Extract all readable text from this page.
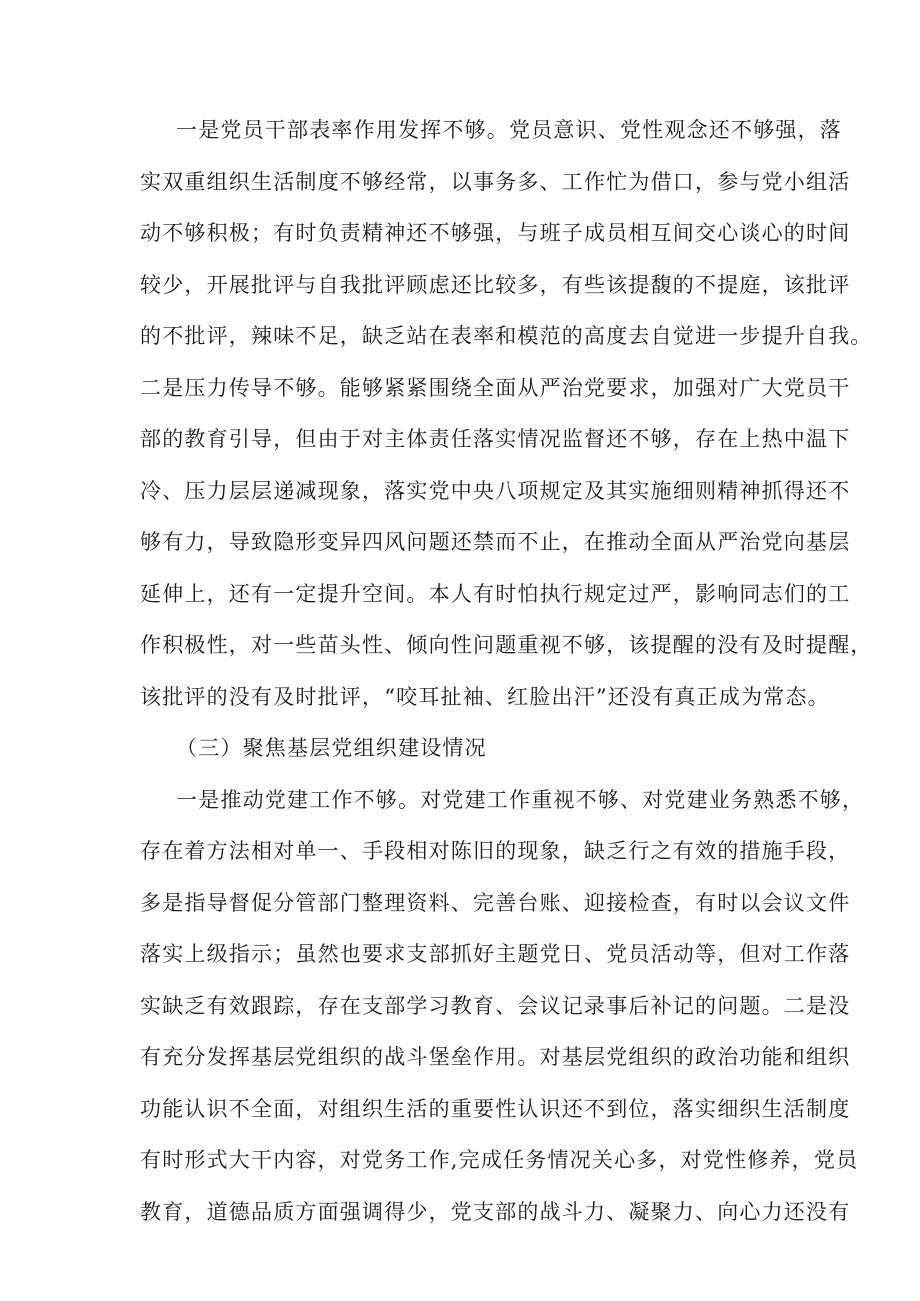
一是党员干部表率作用发挥不够。党员意识、党性观念还不够强，落
实双重组织生活制度不够经常，以事务多、工作忙为借口，参与党小组活
动不够积极；有时负责精神还不够强，与班子成员相互间交心谈心的时间
较少，开展批评与自我批评顾虑还比较多，有些该提馥的不提庭，该批评
的不批评，辣味不足，缺乏站在表率和模范的高度去自觉进一步提升自我。
二是压力传导不够。能够紧紧围绕全面从严治党要求，加强对广大党员干
部的教育引导，但由于对主体责任落实情况监督还不够，存在上热中温下
冷、压力层层递减现象，落实党中央八项规定及其实施细则精神抓得还不
够有力，导致隐形变异四风问题还禁而不止，在推动全面从严治党向基层
延伸上，还有一定提升空间。本人有时怕执行规定过严，影响同志们的工
作积极性，对一些苗头性、倾向性问题重视不够，该提醒的没有及时提醒，
该批评的没有及时批评，“咬耳扯袖、红脸出汗”还没有真正成为常态。
（三）聚焦基层党组织建设情况
一是推动党建工作不够。对党建工作重视不够、对党建业务熟悉不够，
存在着方法相对单一、手段相对陈旧的现象，缺乏行之有效的措施手段，
多是指导督促分管部门整理资料、完善台账、迎接检查，有时以会议文件
落实上级指示；虽然也要求支部抓好主题党日、党员活动等，但对工作落
实缺乏有效跟踪，存在支部学习教育、会议记录事后补记的问题。二是没
有充分发挥基层党组织的战斗堡垒作用。对基层党组织的政治功能和组织
功能认识不全面，对组织生活的重要性认识还不到位，落实细织生活制度
有时形式大干内容，对党务工作,完成任务情况关心多，对党性修养，党员
教育，道德品质方面强调得少，党支部的战斗力、凝聚力、向心力还没有
